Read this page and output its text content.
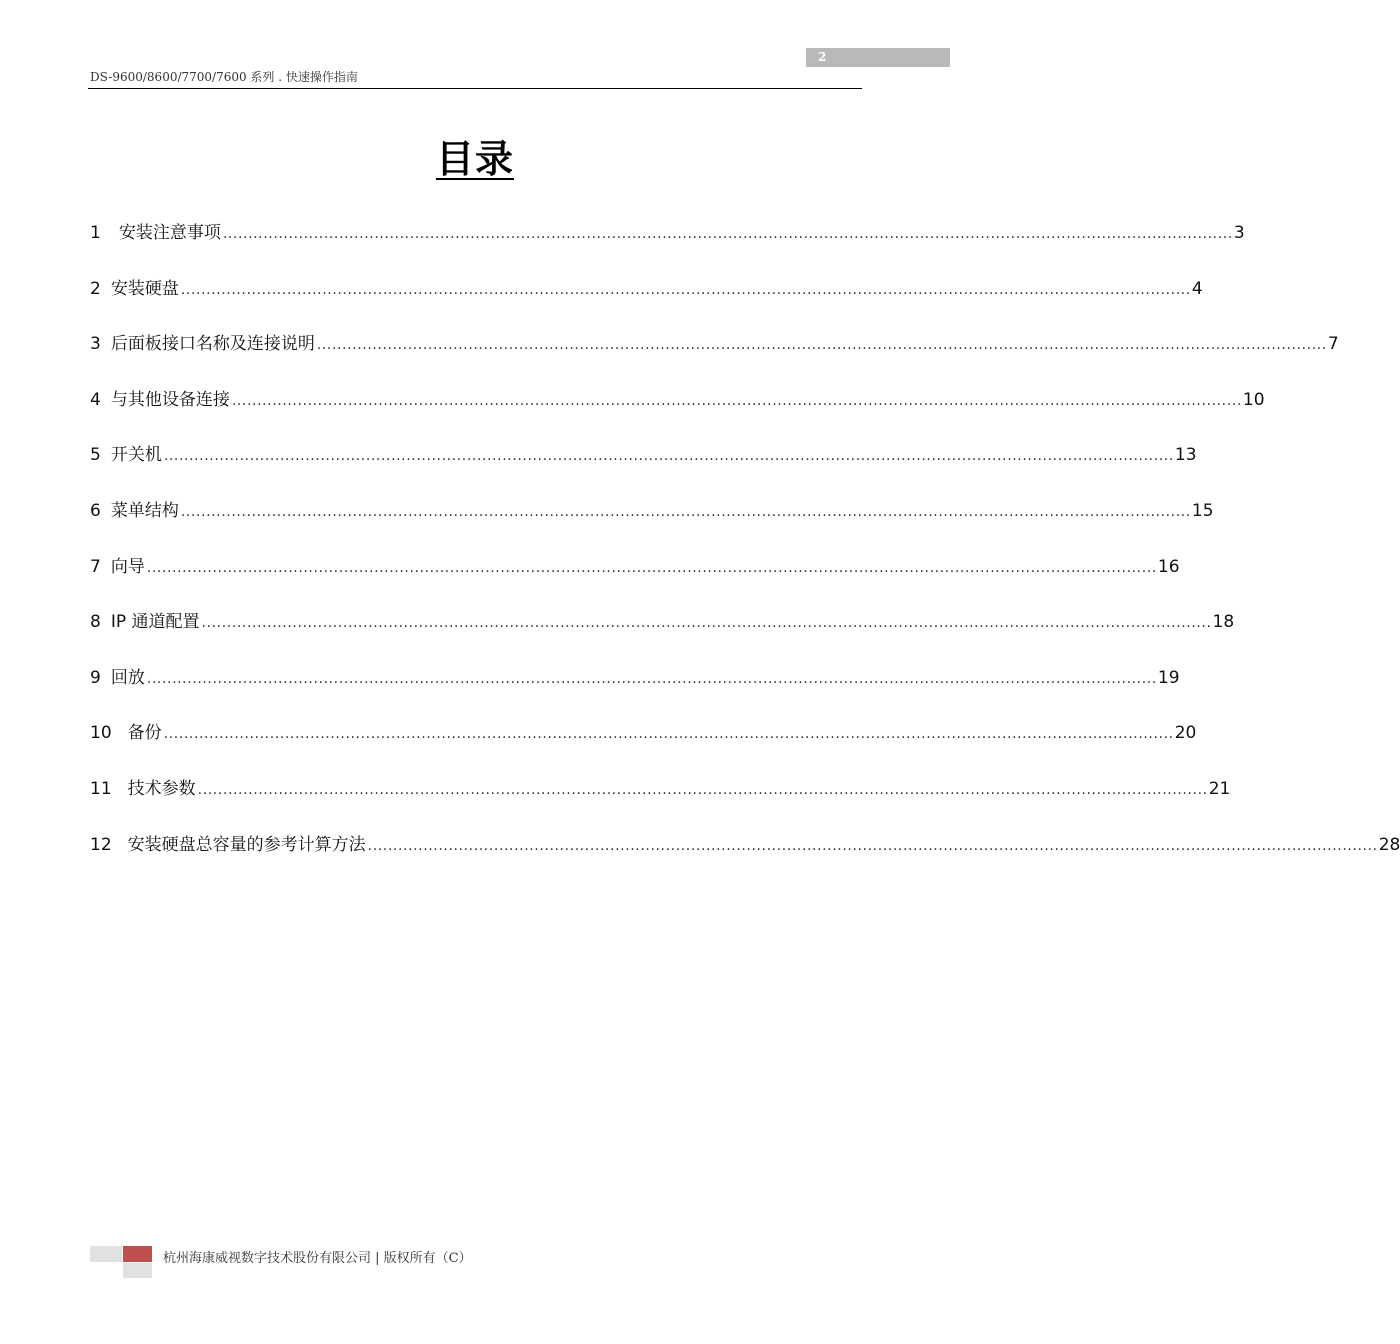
2
DS-9600/8600/7700/7600 系列 . 快速操作指南
目录
1	安装注意事项 ........................................................................................................................................................................................................ 3
2 安装硬盘 ........................................................................................................................................................................................................ 4
3 后面板接口名称及连接说明 ........................................................................................................................................................................................................ 7
4 与其他设备连接 ........................................................................................................................................................................................................ 10
5 开关机 ........................................................................................................................................................................................................ 13
6 菜单结构 ........................................................................................................................................................................................................ 15
7 向导 ........................................................................................................................................................................................................ 16
8 IP 通道配置 ........................................................................................................................................................................................................ 18
9 回放 ........................................................................................................................................................................................................ 19
10 备份 ........................................................................................................................................................................................................ 20
11 技术参数 ........................................................................................................................................................................................................ 21
12 安装硬盘总容量的参考计算方法 ........................................................................................................................................................................................................ 28
杭州海康威视数字技术股份有限公司 | 版权所有（C）
